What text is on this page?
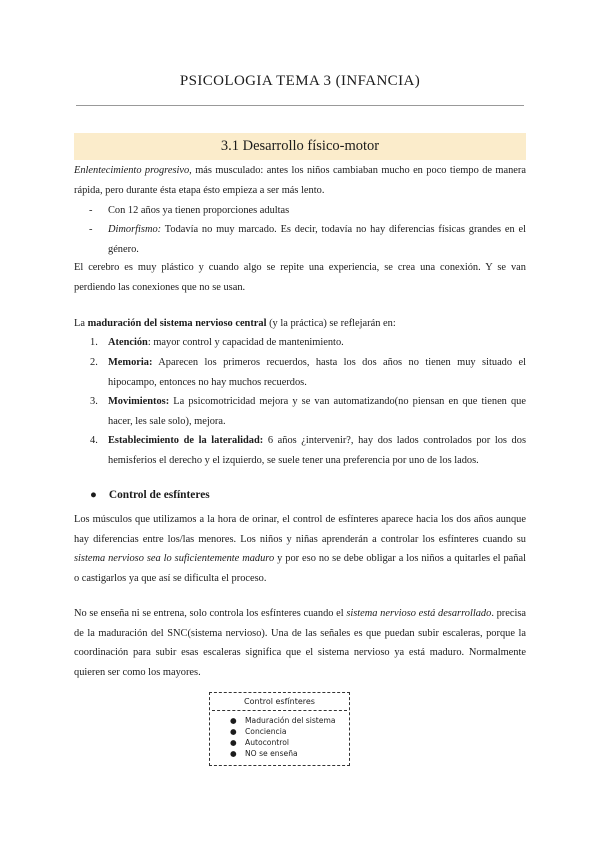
PSICOLOGIA TEMA 3 (INFANCIA)
3.1 Desarrollo físico-motor
Enlentecimiento progresivo, más musculado: antes los niños cambiaban mucho en poco tiempo de manera rápida, pero durante ésta etapa ésto empieza a ser más lento.
- Con 12 años ya tienen proporciones adultas
- Dimorfismo: Todavía no muy marcado. Es decir, todavía no hay diferencias físicas grandes en el género.
El cerebro es muy plástico y cuando algo se repite una experiencia, se crea una conexión. Y se van perdiendo las conexiones que no se usan.
La maduración del sistema nervioso central (y la práctica) se reflejarán en:
1. Atención: mayor control y capacidad de mantenimiento.
2. Memoria: Aparecen los primeros recuerdos, hasta los dos años no tienen muy situado el hipocampo, entonces no hay muchos recuerdos.
3. Movimientos: La psicomotricidad mejora y se van automatizando(no piensan en que tienen que hacer, les sale solo), mejora.
4. Establecimiento de la lateralidad: 6 años ¿intervenir?, hay dos lados controlados por los dos hemisferios el derecho y el izquierdo, se suele tener una preferencia por uno de los lados.
● Control de esfínteres
Los músculos que utilizamos a la hora de orinar, el control de esfínteres aparece hacia los dos años aunque hay diferencias entre los/las menores. Los niños y niñas aprenderán a controlar los esfínteres cuando su sistema nervioso sea lo suficientemente maduro y por eso no se debe obligar a los niños a quitarles el pañal o castigarlos ya que así se dificulta el proceso.
No se enseña ni se entrena, solo controla los esfínteres cuando el sistema nervioso está desarrollado. precisa de la maduración del SNC(sistema nervioso). Una de las señales es que puedan subir escaleras, porque la coordinación para subir esas escaleras significa que el sistema nervioso ya está maduro. Normalmente quieren ser como los mayores.
Control esfínteres
● Maduración del sistema
● Conciencia
● Autocontrol
● NO se enseña
